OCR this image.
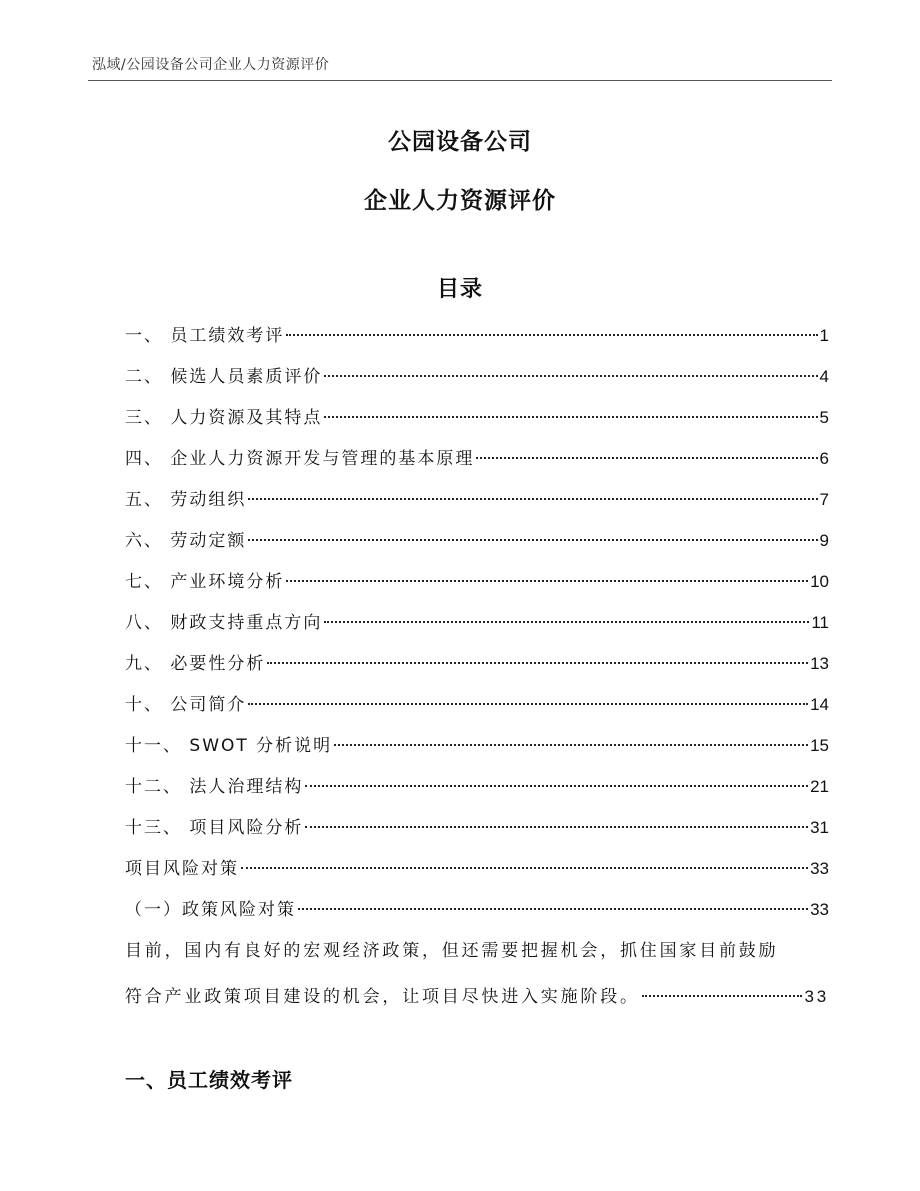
泓域/公园设备公司企业人力资源评价
公园设备公司
企业人力资源评价
目录
一、 员工绩效考评	1
二、 候选人员素质评价	4
三、 人力资源及其特点	5
四、 企业人力资源开发与管理的基本原理	6
五、 劳动组织	7
六、 劳动定额	9
七、 产业环境分析	10
八、 财政支持重点方向	11
九、 必要性分析	13
十、 公司简介	14
十一、 SWOT 分析说明	15
十二、 法人治理结构	21
十三、 项目风险分析	31
项目风险对策	33
（一）政策风险对策	33
目前，国内有良好的宏观经济政策，但还需要把握机会，抓住国家目前鼓励
符合产业政策项目建设的机会，让项目尽快进入实施阶段。	33
一、员工绩效考评
